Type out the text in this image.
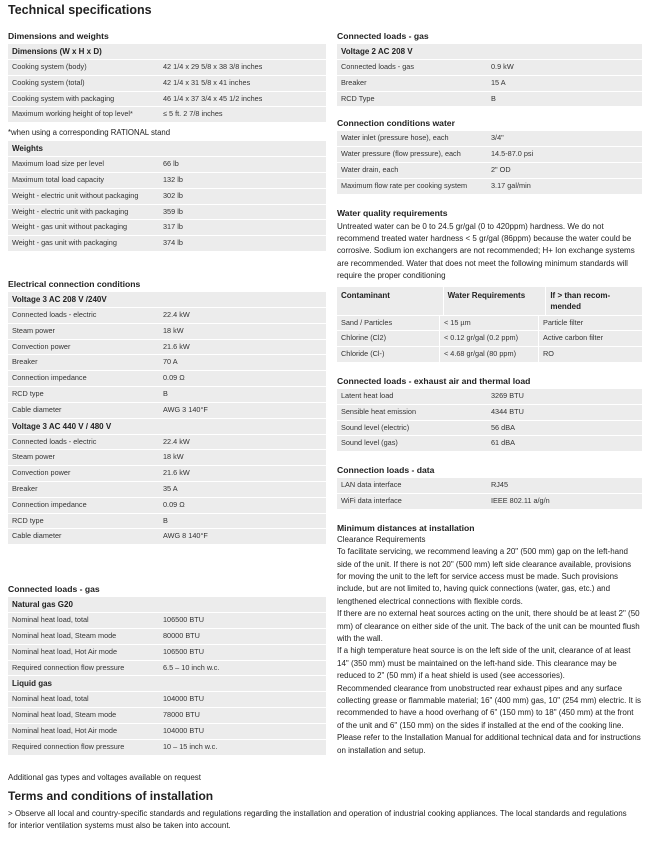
Technical specifications
Dimensions and weights
Dimensions (W x H x D)
Cooking system (body)	42 1/4 x 29 5/8 x 38 3/8 inches
Cooking system (total)	42 1/4 x 31 5/8 x 41 inches
Cooking system with packaging	46 1/4 x 37 3/4 x 45 1/2 inches
Maximum working height of top level*	≤ 5 ft. 2 7/8 inches
*when using a corresponding RATIONAL stand
Weights
Maximum load size per level	66 lb
Maximum total load capacity	132 lb
Weight - electric unit without packaging	302 lb
Weight - electric unit with packaging	359 lb
Weight - gas unit without packaging	317 lb
Weight - gas unit with packaging	374 lb
Electrical connection conditions
Voltage 3 AC 208 V /240V
Connected loads - electric	22.4 kW
Steam power	18 kW
Convection power	21.6 kW
Breaker	70 A
Connection impedance	0.09 Ω
RCD type	B
Cable diameter	AWG 3 140°F
Voltage 3 AC 440 V / 480 V
Connected loads - electric	22.4 kW
Steam power	18 kW
Convection power	21.6 kW
Breaker	35 A
Connection impedance	0.09 Ω
RCD type	B
Cable diameter	AWG 8 140°F
Connected loads - gas
Natural gas G20
Nominal heat load, total	106500 BTU
Nominal heat load, Steam mode	80000 BTU
Nominal heat load, Hot Air mode	106500 BTU
Required connection flow pressure	6.5 – 10 inch w.c.
Liquid gas
Nominal heat load, total	104000 BTU
Nominal heat load, Steam mode	78000 BTU
Nominal heat load, Hot Air mode	104000 BTU
Required connection flow pressure	10 – 15 inch w.c.
Additional gas types and voltages available on request
Connected loads - gas
Voltage 2 AC 208 V
Connected loads - gas	0.9 kW
Breaker	15 A
RCD Type	B
Connection conditions water
Water inlet (pressure hose), each	3/4"
Water pressure (flow pressure), each	14.5-87.0 psi
Water drain, each	2" OD
Maximum flow rate per cooking system	3.17 gal/min
Water quality requirements

Untreated water can be 0 to 24.5 gr/gal (0 to 420ppm) hardness. We do not recommend treated water hardness < 5 gr/gal (86ppm) because the water could be corrosive. Sodium ion exchangers are not recommended; H+ Ion exchange systems are recommended. Water that does not meet the following minimum standards will require the proper conditioning

Contaminant	Water Requirements	If > than recom-mended
Sand / Particles	< 15 µm	Particle filter
Chlorine (Cl2)	< 0.12 gr/gal (0.2 ppm)	Active carbon filter
Chloride (Cl-)	< 4.68 gr/gal (80 ppm)	RO
Connected loads - exhaust air and thermal load
Latent heat load	3269 BTU
Sensible heat emission	4344 BTU
Sound level (electric)	56 dBA
Sound level (gas)	61 dBA
Connection loads - data
LAN data interface	RJ45
WiFi data interface	IEEE 802.11 a/g/n
Minimum distances at installation

Clearance Requirements

To facilitate servicing, we recommend leaving a 20" (500 mm) gap on the left-hand side of the unit. If there is not 20" (500 mm) left side clearance available, provisions for moving the unit to the left for service access must be made. Such provisions include, but are not limited to, having quick connections (water, gas, etc.) and lengthened electrical connections with flexible cords.

If there are no external heat sources acting on the unit, there should be at least 2" (50 mm) of clearance on either side of the unit. The back of the unit can be mounted flush with the wall.

If a high temperature heat source is on the left side of the unit, clearance of at least 14" (350 mm) must be maintained on the left-hand side. This clearance may be reduced to 2" (50 mm) if a heat shield is used (see accessories).

Recommended clearance from unobstructed rear exhaust pipes and any surface collecting grease or flammable material; 16" (400 mm) gas, 10" (254 mm) electric. It is recommended to have a hood overhang of 6" (150 mm) to 18" (450 mm) at the front of the unit and 6" (150 mm) on the sides if installed at the end of the cooking line. Please refer to the Installation Manual for additional technical data and for instructions on installation and setup.

Terms and conditions of installation

> Observe all local and country-specific standards and regulations regarding the installation and operation of industrial cooking appliances. The local standards and regulations for interior ventilation systems must also be taken into account.
